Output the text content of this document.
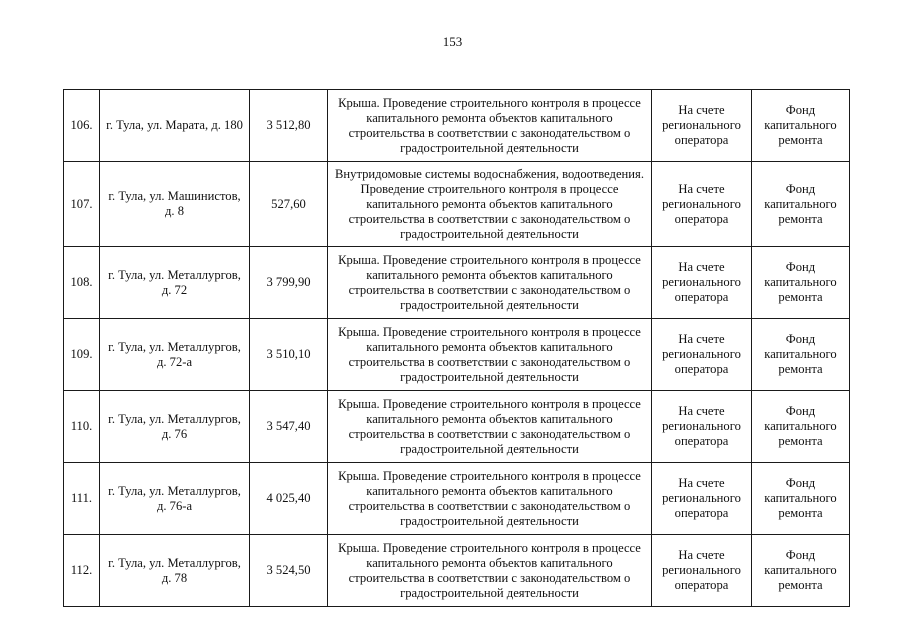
153
106.	г. Тула, ул. Марата, д. 180	3 512,80	Крыша. Проведение строительного контроля в процессе капитального ремонта объектов капитального строительства в соответствии с законодательством о градостроительной деятельности	На счете регионального оператора	Фонд капитального ремонта
107.	г. Тула, ул. Машинистов, д. 8	527,60	Внутридомовые системы водоснабжения, водоотведения. Проведение строительного контроля в процессе капитального ремонта объектов капитального строительства в соответствии с законодательством о градостроительной деятельности	На счете регионального оператора	Фонд капитального ремонта
108.	г. Тула, ул. Металлургов, д. 72	3 799,90	Крыша. Проведение строительного контроля в процессе капитального ремонта объектов капитального строительства в соответствии с законодательством о градостроительной деятельности	На счете регионального оператора	Фонд капитального ремонта
109.	г. Тула, ул. Металлургов, д. 72-а	3 510,10	Крыша. Проведение строительного контроля в процессе капитального ремонта объектов капитального строительства в соответствии с законодательством о градостроительной деятельности	На счете регионального оператора	Фонд капитального ремонта
110.	г. Тула, ул. Металлургов, д. 76	3 547,40	Крыша. Проведение строительного контроля в процессе капитального ремонта объектов капитального строительства в соответствии с законодательством о градостроительной деятельности	На счете регионального оператора	Фонд капитального ремонта
111.	г. Тула, ул. Металлургов, д. 76-а	4 025,40	Крыша. Проведение строительного контроля в процессе капитального ремонта объектов капитального строительства в соответствии с законодательством о градостроительной деятельности	На счете регионального оператора	Фонд капитального ремонта
112.	г. Тула, ул. Металлургов, д. 78	3 524,50	Крыша. Проведение строительного контроля в процессе капитального ремонта объектов капитального строительства в соответствии с законодательством о градостроительной деятельности	На счете регионального оператора	Фонд капитального ремонта
